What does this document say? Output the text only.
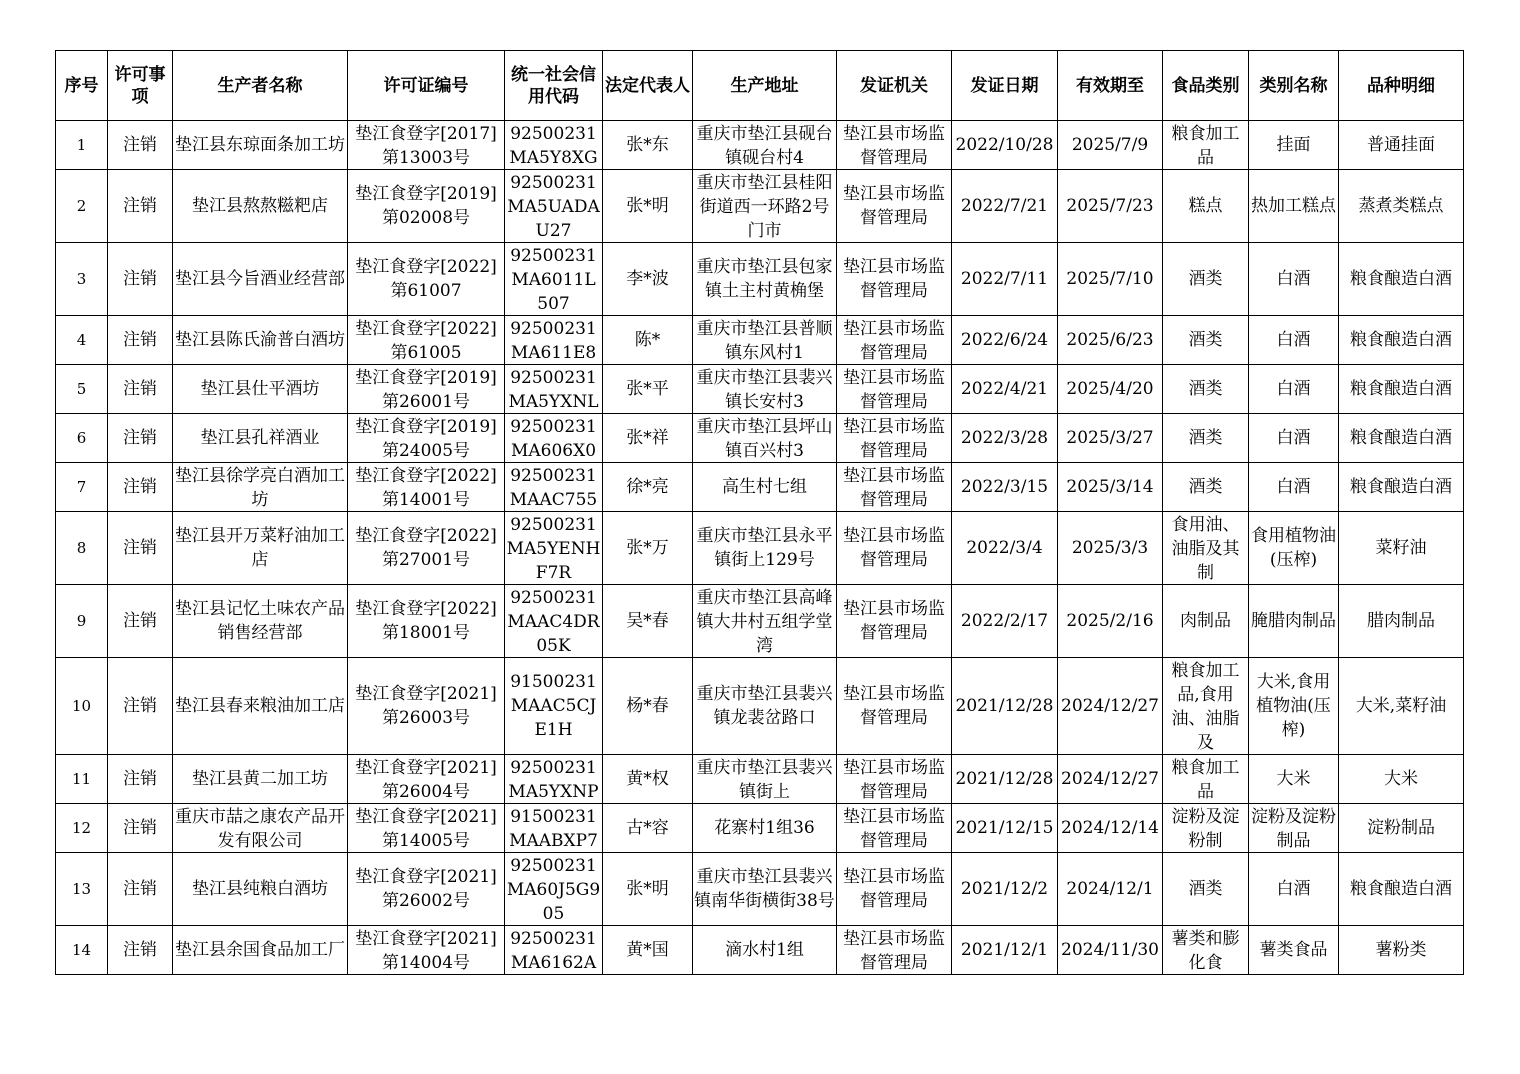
序号	许可事项	生产者名称	许可证编号	统一社会信用代码	法定代表人	生产地址	发证机关	发证日期	有效期至	食品类别	类别名称	品种明细

1	注销	垫江县东琼面条加工坊	垫江食登字[2017]第13003号	92500231MA5Y8XG	张*东	重庆市垫江县砚台镇砚台村4	垫江县市场监督管理局	2022/10/28	2025/7/9	粮食加工品	挂面	普通挂面

2	注销	垫江县熬熬糍粑店	垫江食登字[2019]第02008号	92500231MA5UADAU27	张*明	重庆市垫江县桂阳街道西一环路2号门市	垫江县市场监督管理局	2022/7/21	2025/7/23	糕点	热加工糕点	蒸煮类糕点

3	注销	垫江县今旨酒业经营部	垫江食登字[2022]第61007	92500231MA6011L507	李*波	重庆市垫江县包家镇土主村黄桷堡	垫江县市场监督管理局	2022/7/11	2025/7/10	酒类	白酒	粮食酿造白酒

4	注销	垫江县陈氏渝普白酒坊	垫江食登字[2022]第61005	92500231MA611E8	陈*	重庆市垫江县普顺镇东风村1	垫江县市场监督管理局	2022/6/24	2025/6/23	酒类	白酒	粮食酿造白酒

5	注销	垫江县仕平酒坊	垫江食登字[2019]第26001号	92500231MA5YXNL	张*平	重庆市垫江县裴兴镇长安村3	垫江县市场监督管理局	2022/4/21	2025/4/20	酒类	白酒	粮食酿造白酒

6	注销	垫江县孔祥酒业	垫江食登字[2019]第24005号	92500231MA606X0	张*祥	重庆市垫江县坪山镇百兴村3	垫江县市场监督管理局	2022/3/28	2025/3/27	酒类	白酒	粮食酿造白酒

7	注销	垫江县徐学亮白酒加工坊	垫江食登字[2022]第14001号	92500231MAAC755	徐*亮	高生村七组	垫江县市场监督管理局	2022/3/15	2025/3/14	酒类	白酒	粮食酿造白酒

8	注销	垫江县开万菜籽油加工店	垫江食登字[2022]第27001号	92500231MA5YENHF7R	张*万	重庆市垫江县永平镇街上129号	垫江县市场监督管理局	2022/3/4	2025/3/3	食用油、油脂及其制	食用植物油(压榨)	菜籽油

9	注销	垫江县记忆土味农产品销售经营部	垫江食登字[2022]第18001号	92500231MAAC4DR05K	吴*春	重庆市垫江县高峰镇大井村五组学堂湾	垫江县市场监督管理局	2022/2/17	2025/2/16	肉制品	腌腊肉制品	腊肉制品

10	注销	垫江县春来粮油加工店	垫江食登字[2021]第26003号	91500231MAAC5CJE1H	杨*春	重庆市垫江县裴兴镇龙裴岔路口	垫江县市场监督管理局	2021/12/28	2024/12/27	粮食加工品,食用油、油脂及	大米,食用植物油(压榨)	大米,菜籽油

11	注销	垫江县黄二加工坊	垫江食登字[2021]第26004号	92500231MA5YXNP	黄*权	重庆市垫江县裴兴镇街上	垫江县市场监督管理局	2021/12/28	2024/12/27	粮食加工品	大米	大米

12	注销	重庆市喆之康农产品开发有限公司	垫江食登字[2021]第14005号	91500231MAABXP7	古*容	花寨村1组36	垫江县市场监督管理局	2021/12/15	2024/12/14	淀粉及淀粉制	淀粉及淀粉制品	淀粉制品

13	注销	垫江县纯粮白酒坊	垫江食登字[2021]第26002号	92500231MA60J5G905	张*明	重庆市垫江县裴兴镇南华街横街38号	垫江县市场监督管理局	2021/12/2	2024/12/1	酒类	白酒	粮食酿造白酒

14	注销	垫江县余国食品加工厂	垫江食登字[2021]第14004号	92500231MA6162A	黄*国	滴水村1组	垫江县市场监督管理局	2021/12/1	2024/11/30	薯类和膨化食	薯类食品	薯粉类
